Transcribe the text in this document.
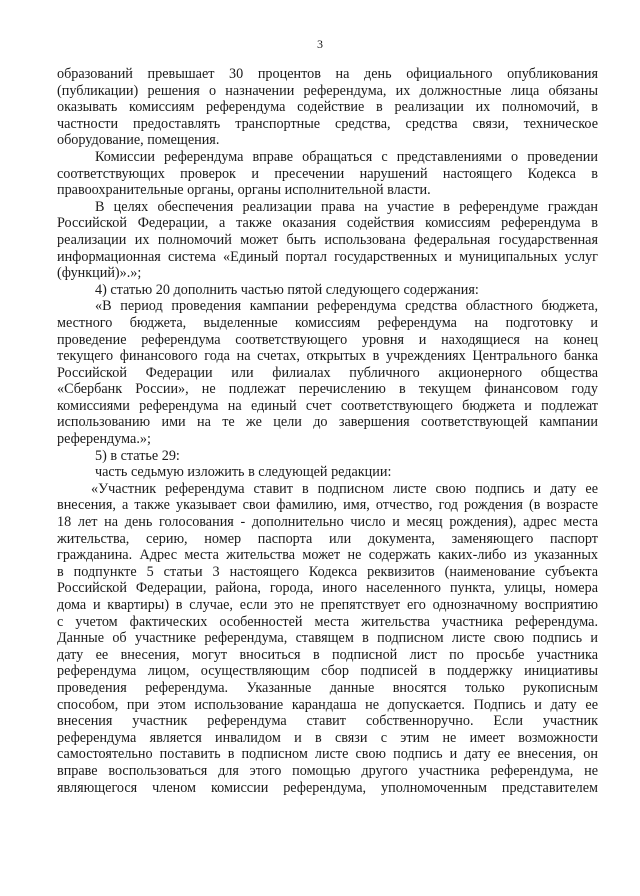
3
образований превышает 30 процентов на день официального опубликования
(публикации) решения о назначении референдума, их должностные лица обязаны
оказывать комиссиям референдума содействие в реализации их полномочий, в
частности предоставлять транспортные средства, средства связи, техническое
оборудование, помещения.
Комиссии референдума вправе обращаться с представлениями о проведении
соответствующих проверок и пресечении нарушений настоящего Кодекса в
правоохранительные органы, органы исполнительной власти.
В целях обеспечения реализации права на участие в референдуме граждан
Российской Федерации, а также оказания содействия комиссиям референдума в
реализации их полномочий может быть использована федеральная государственная
информационная система «Единый портал государственных и муниципальных услуг
(функций)».»;
4) статью 20 дополнить частью пятой следующего содержания:
«В период проведения кампании референдума средства областного бюджета,
местного бюджета, выделенные комиссиям референдума на подготовку и
проведение референдума соответствующего уровня и находящиеся на конец
текущего финансового года на счетах, открытых в учреждениях Центрального банка
Российской Федерации или филиалах публичного акционерного общества
«Сбербанк России», не подлежат перечислению в текущем финансовом году
комиссиями референдума на единый счет соответствующего бюджета и подлежат
использованию ими на те же цели до завершения соответствующей кампании
референдума.»;
5) в статье 29:
часть седьмую изложить в следующей редакции:
«Участник референдума ставит в подписном листе свою подпись и дату ее
внесения, а также указывает свои фамилию, имя, отчество, год рождения (в возрасте
18 лет на день голосования - дополнительно число и месяц рождения), адрес места
жительства, серию, номер паспорта или документа, заменяющего паспорт
гражданина. Адрес места жительства может не содержать каких-либо из указанных
в подпункте 5 статьи 3 настоящего Кодекса реквизитов (наименование субъекта
Российской Федерации, района, города, иного населенного пункта, улицы, номера
дома и квартиры) в случае, если это не препятствует его однозначному восприятию
с учетом фактических особенностей места жительства участника референдума.
Данные об участнике референдума, ставящем в подписном листе свою подпись и
дату ее внесения, могут вноситься в подписной лист по просьбе участника
референдума лицом, осуществляющим сбор подписей в поддержку инициативы
проведения референдума. Указанные данные вносятся только рукописным
способом, при этом использование карандаша не допускается. Подпись и дату ее
внесения участник референдума ставит собственноручно. Если участник
референдума является инвалидом и в связи с этим не имеет возможности
самостоятельно поставить в подписном листе свою подпись и дату ее внесения, он
вправе воспользоваться для этого помощью другого участника референдума, не
являющегося членом комиссии референдума, уполномоченным представителем
